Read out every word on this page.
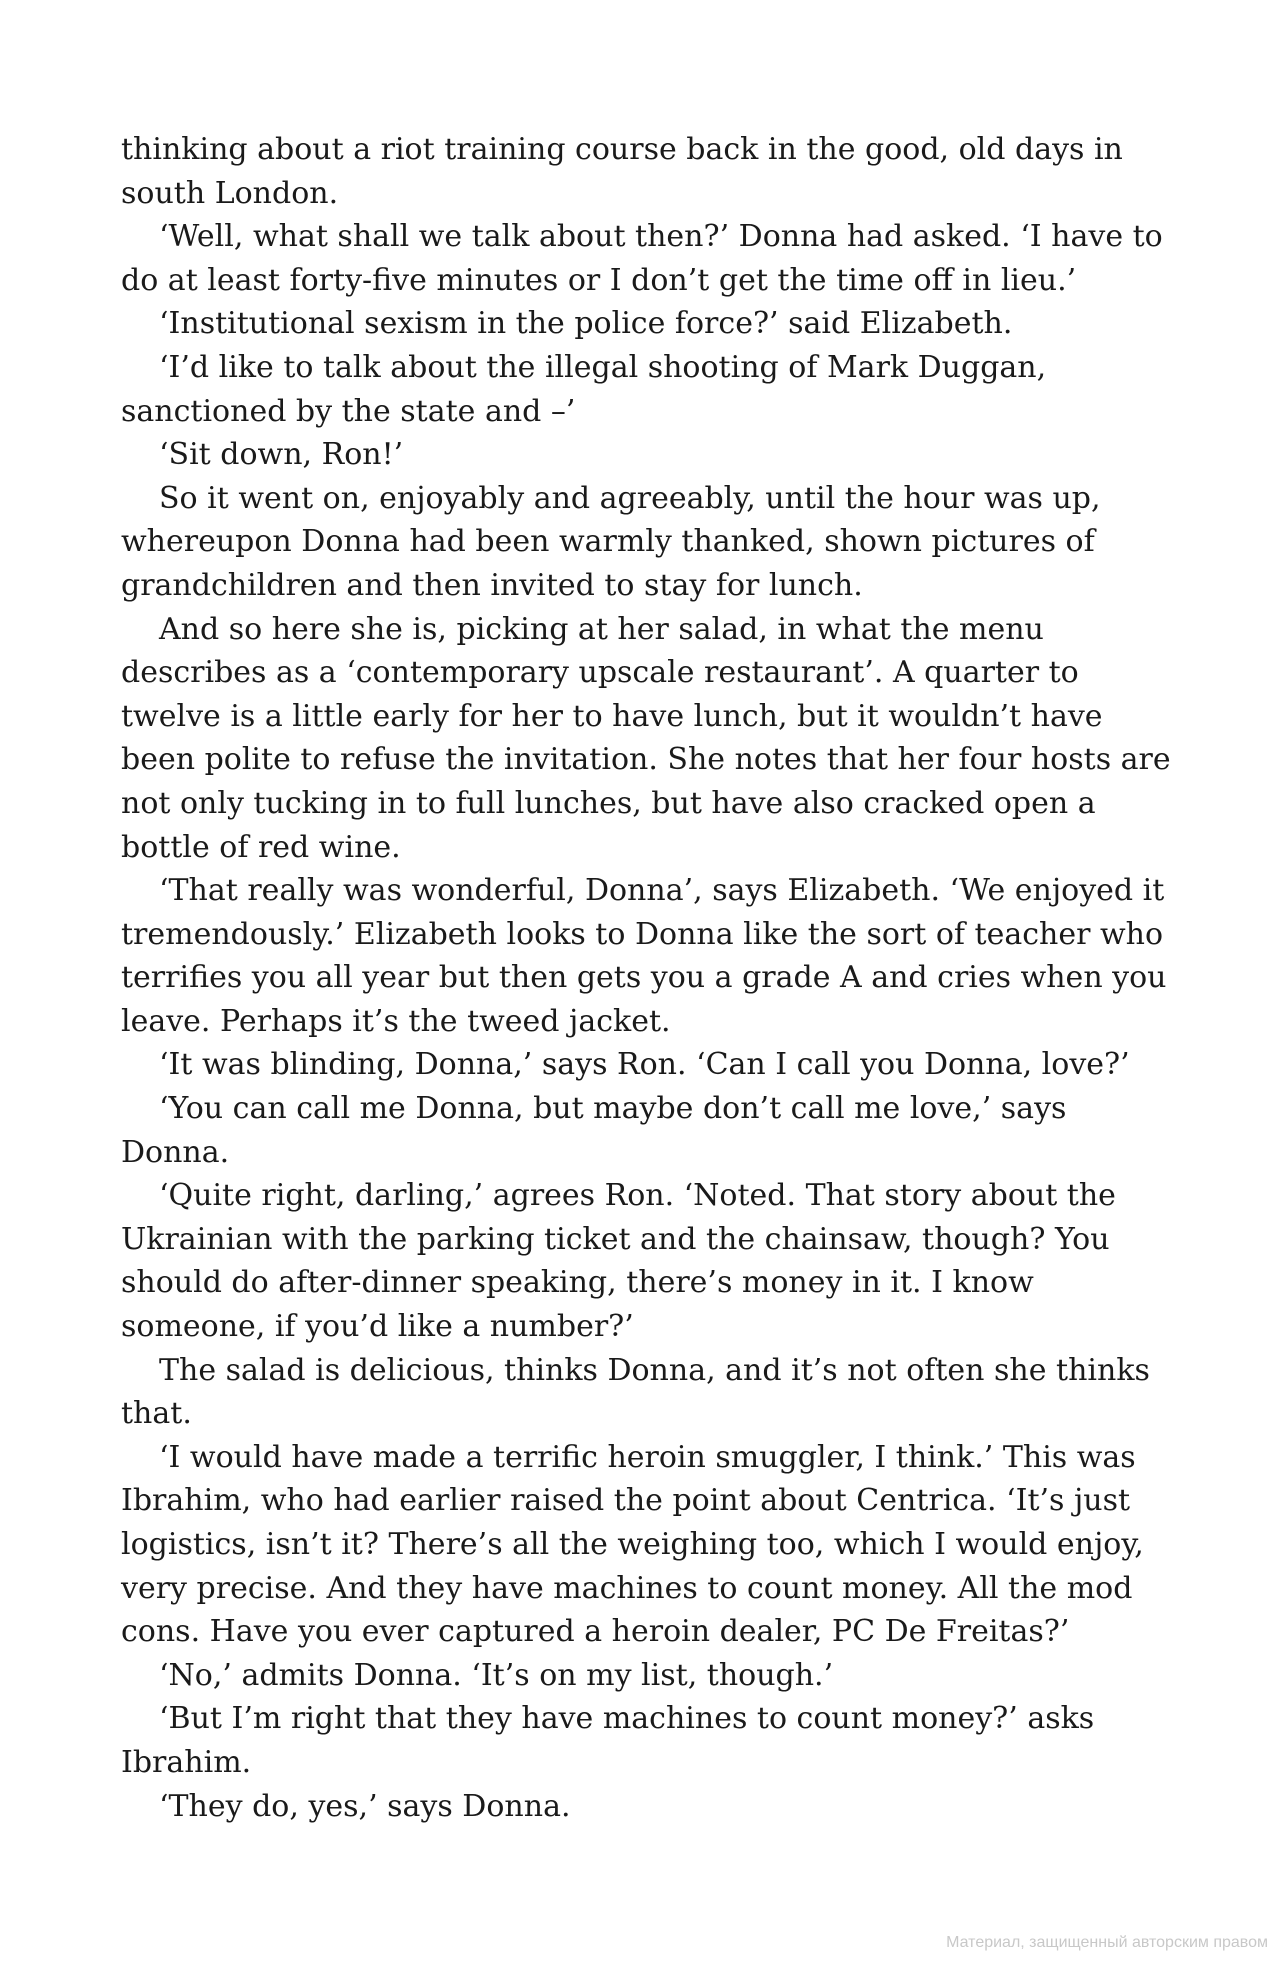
thinking about a riot training course back in the good, old days in south London.

‘Well, what shall we talk about then?’ Donna had asked. ‘I have to do at least forty-five minutes or I don’t get the time off in lieu.’

‘Institutional sexism in the police force?’ said Elizabeth.

‘I’d like to talk about the illegal shooting of Mark Duggan, sanctioned by the state and –’

‘Sit down, Ron!’

So it went on, enjoyably and agreeably, until the hour was up, whereupon Donna had been warmly thanked, shown pictures of grandchildren and then invited to stay for lunch.

And so here she is, picking at her salad, in what the menu describes as a ‘contemporary upscale restaurant’. A quarter to twelve is a little early for her to have lunch, but it wouldn’t have been polite to refuse the invitation. She notes that her four hosts are not only tucking in to full lunches, but have also cracked open a bottle of red wine.

‘That really was wonderful, Donna’, says Elizabeth. ‘We enjoyed it tremendously.’ Elizabeth looks to Donna like the sort of teacher who terrifies you all year but then gets you a grade A and cries when you leave. Perhaps it’s the tweed jacket.

‘It was blinding, Donna,’ says Ron. ‘Can I call you Donna, love?’

‘You can call me Donna, but maybe don’t call me love,’ says Donna.

‘Quite right, darling,’ agrees Ron. ‘Noted. That story about the Ukrainian with the parking ticket and the chainsaw, though? You should do after-dinner speaking, there’s money in it. I know someone, if you’d like a number?’

The salad is delicious, thinks Donna, and it’s not often she thinks that.

‘I would have made a terrific heroin smuggler, I think.’ This was Ibrahim, who had earlier raised the point about Centrica. ‘It’s just logistics, isn’t it? There’s all the weighing too, which I would enjoy, very precise. And they have machines to count money. All the mod cons. Have you ever captured a heroin dealer, PC De Freitas?’

‘No,’ admits Donna. ‘It’s on my list, though.’

‘But I’m right that they have machines to count money?’ asks Ibrahim.

‘They do, yes,’ says Donna.

Материал, защищенный авторским правом
